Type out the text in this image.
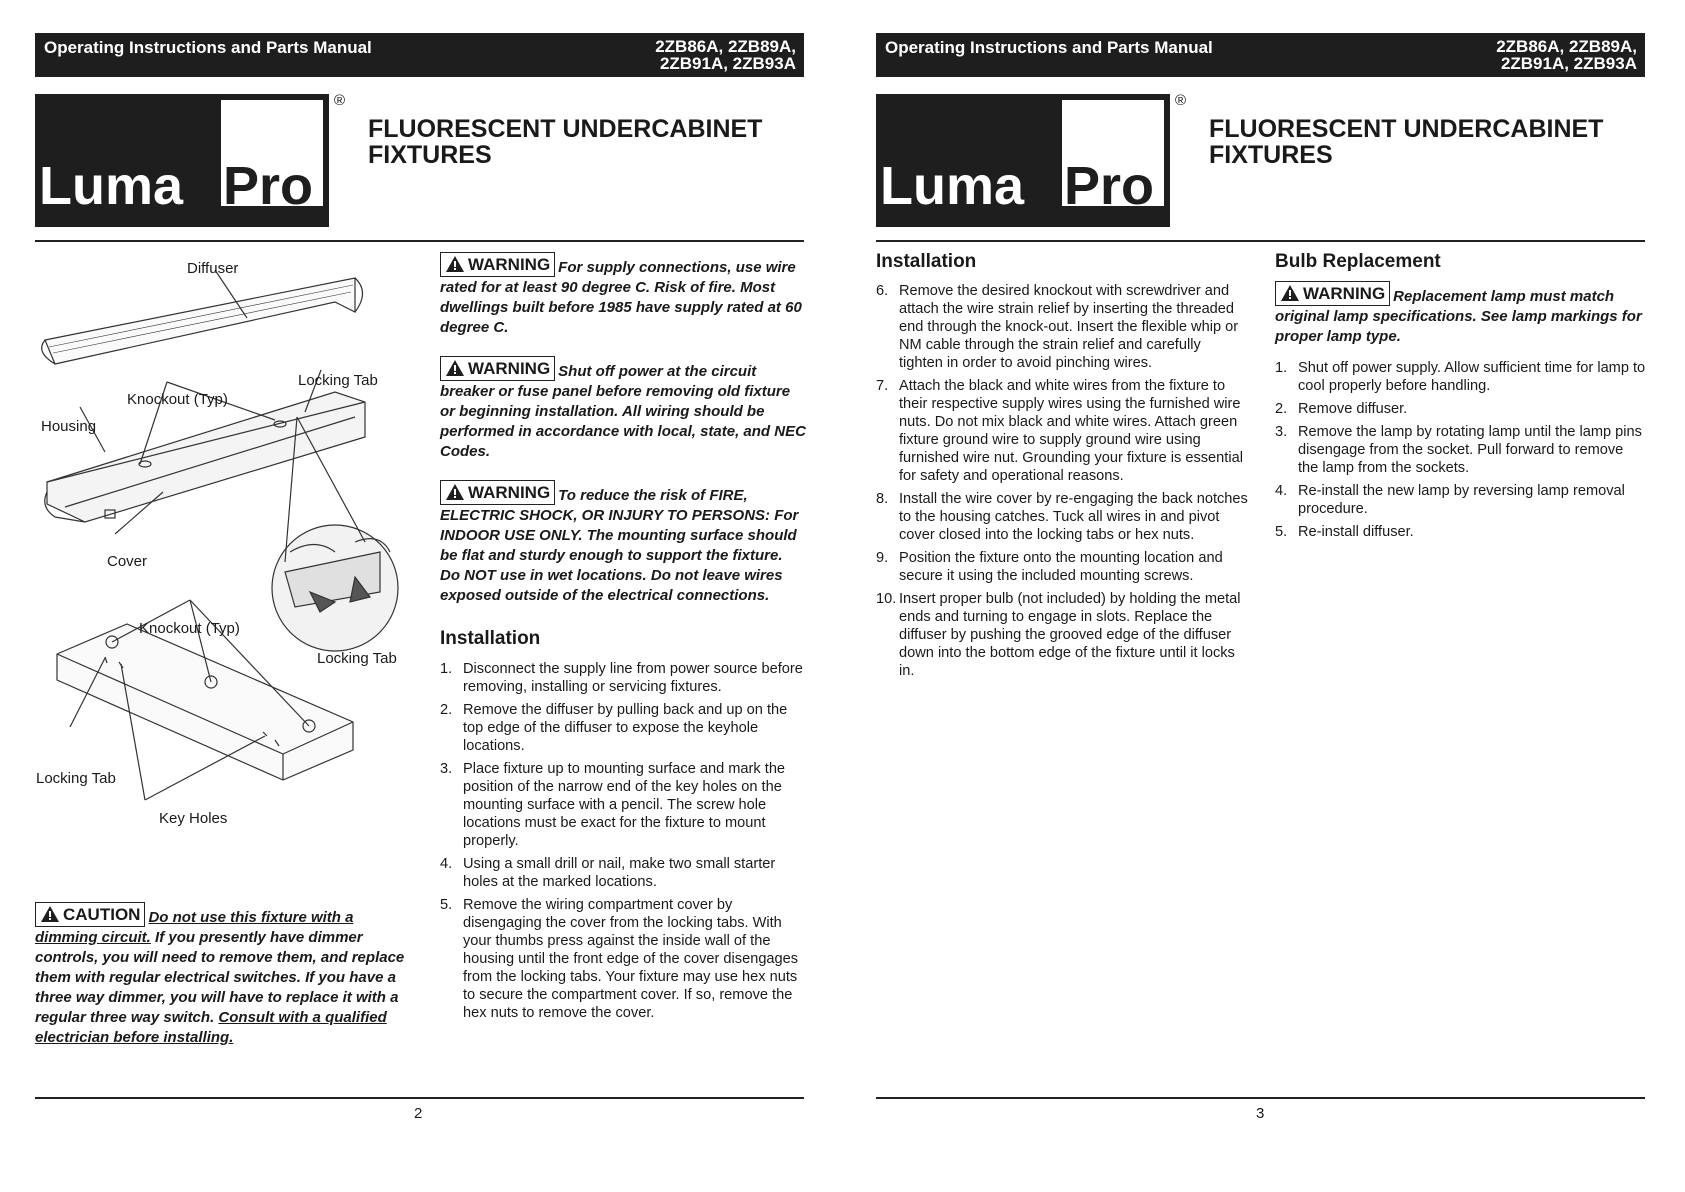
Operating Instructions and Parts Manual	2ZB86A, 2ZB89A,
2ZB91A, 2ZB93A
Luma Pro
®
FLUORESCENT UNDERCABINET
FIXTURES
Diffuser
Locking Tab
Knockout (Typ)
Housing
Cover
Knockout (Typ)
Locking Tab
Locking Tab
Key Holes
CAUTION Do not use this fixture with a dimming circuit. If you presently have dimmer controls, you will need to remove them, and replace them with regular electrical switches. If you have a three way dimmer, you will have to replace it with a regular three way switch. Consult with a qualified electrician before installing.
WARNING For supply connections, use wire rated for at least 90 degree C. Risk of fire. Most dwellings built before 1985 have supply rated at 60 degree C.
WARNING Shut off power at the circuit breaker or fuse panel before removing old fixture or beginning installation. All wiring should be performed in accordance with local, state, and NEC Codes.
WARNING To reduce the risk of FIRE, ELECTRIC SHOCK, OR INJURY TO PERSONS: For INDOOR USE ONLY. The mounting surface should be flat and sturdy enough to support the fixture. Do NOT use in wet locations. Do not leave wires exposed outside of the electrical connections.
Installation
1. Disconnect the supply line from power source before removing, installing or servicing fixtures.
2. Remove the diffuser by pulling back and up on the top edge of the diffuser to expose the keyhole locations.
3. Place fixture up to mounting surface and mark the position of the narrow end of the key holes on the mounting surface with a pencil. The screw hole locations must be exact for the fixture to mount properly.
4. Using a small drill or nail, make two small starter holes at the marked locations.
5. Remove the wiring compartment cover by disengaging the cover from the locking tabs. With your thumbs press against the inside wall of the housing until the front edge of the cover disengages from the locking tabs. Your fixture may use hex nuts to secure the compartment cover. If so, remove the hex nuts to remove the cover.
2
Operating Instructions and Parts Manual	2ZB86A, 2ZB89A,
2ZB91A, 2ZB93A
Luma Pro
®
FLUORESCENT UNDERCABINET
FIXTURES
Installation
6. Remove the desired knockout with screwdriver and attach the wire strain relief by inserting the threaded end through the knock-out. Insert the flexible whip or NM cable through the strain relief and carefully tighten in order to avoid pinching wires.
7. Attach the black and white wires from the fixture to their respective supply wires using the furnished wire nuts. Do not mix black and white wires. Attach green fixture ground wire to supply ground wire using furnished wire nut. Grounding your fixture is essential for safety and operational reasons.
8. Install the wire cover by re-engaging the back notches to the housing catches. Tuck all wires in and pivot cover closed into the locking tabs or hex nuts.
9. Position the fixture onto the mounting location and secure it using the included mounting screws.
10. Insert proper bulb (not included) by holding the metal ends and turning to engage in slots. Replace the diffuser by pushing the grooved edge of the diffuser down into the bottom edge of the fixture until it locks in.
Bulb Replacement
WARNING Replacement lamp must match original lamp specifications. See lamp markings for proper lamp type.
1. Shut off power supply. Allow sufficient time for lamp to cool properly before handling.
2. Remove diffuser.
3. Remove the lamp by rotating lamp until the lamp pins disengage from the socket. Pull forward to remove the lamp from the sockets.
4. Re-install the new lamp by reversing lamp removal procedure.
5. Re-install diffuser.
3
